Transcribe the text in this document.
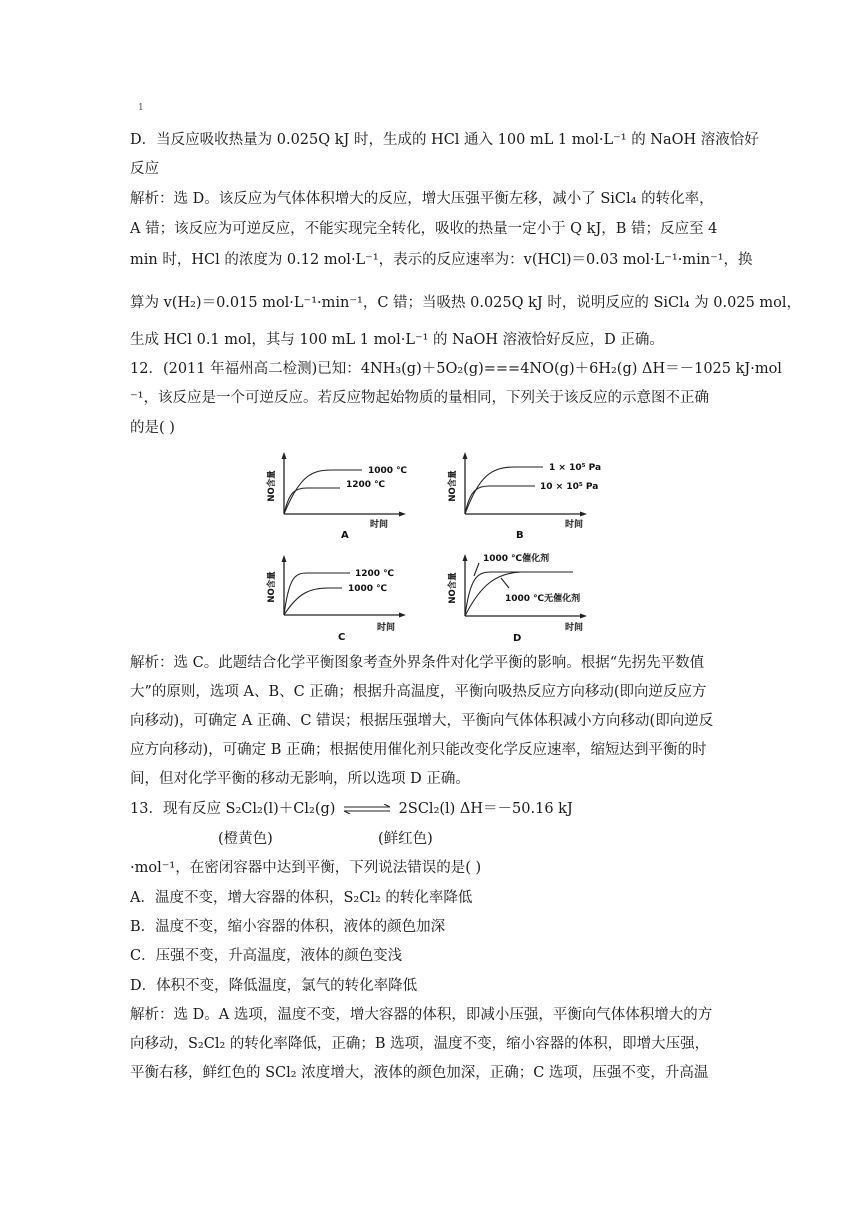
1
D．当反应吸收热量为 0.025Q kJ 时，生成的 HCl 通入 100 mL 1 mol·L⁻¹ 的 NaOH 溶液恰好
反应
解析：选 D。该反应为气体体积增大的反应，增大压强平衡左移，减小了 SiCl₄ 的转化率，
A 错；该反应为可逆反应，不能实现完全转化，吸收的热量一定小于 Q kJ，B 错；反应至 4
min 时，HCl 的浓度为 0.12 mol·L⁻¹，表示的反应速率为：v(HCl)＝0.03 mol·L⁻¹·min⁻¹，换
算为 v(H₂)＝0.015 mol·L⁻¹·min⁻¹，C 错；当吸热 0.025Q kJ 时，说明反应的 SiCl₄ 为 0.025 mol，
生成 HCl 0.1 mol，其与 100 mL 1 mol·L⁻¹ 的 NaOH 溶液恰好反应，D 正确。
12．(2011 年福州高二检测)已知：4NH₃(g)＋5O₂(g)===4NO(g)＋6H₂(g) ΔH＝－1025 kJ·mol
⁻¹，该反应是一个可逆反应。若反应物起始物质的量相同，下列关于该反应的示意图不正确
的是( )
NO含量	1000 ℃
1200 ℃
时间
A
NO含量
1 × 10⁵ Pa
10 × 10⁵ Pa
时间
B
NO含量	1200 ℃
1000 ℃
时间
C
NO含量
1000 ℃催化剂
1000 ℃无催化剂
时间
D
解析：选 C。此题结合化学平衡图象考查外界条件对化学平衡的影响。根据“先拐先平数值
大”的原则，选项 A、B、C 正确；根据升高温度，平衡向吸热反应方向移动(即向逆反应方
向移动)，可确定 A 正确、C 错误；根据压强增大，平衡向气体体积减小方向移动(即向逆反
应方向移动)，可确定 B 正确；根据使用催化剂只能改变化学反应速率，缩短达到平衡的时
间，但对化学平衡的移动无影响，所以选项 D 正确。
13．现有反应 S₂Cl₂(l)＋Cl₂(g) ⇌ 2SCl₂(l) ΔH＝－50.16 kJ
(橙黄色)	(鲜红色)
·mol⁻¹，在密闭容器中达到平衡，下列说法错误的是( )
A．温度不变，增大容器的体积，S₂Cl₂ 的转化率降低
B．温度不变，缩小容器的体积，液体的颜色加深
C．压强不变，升高温度，液体的颜色变浅
D．体积不变，降低温度，氯气的转化率降低
解析：选 D。A 选项，温度不变，增大容器的体积，即减小压强，平衡向气体体积增大的方
向移动，S₂Cl₂ 的转化率降低，正确；B 选项，温度不变，缩小容器的体积，即增大压强，
平衡右移，鲜红色的 SCl₂ 浓度增大，液体的颜色加深，正确；C 选项，压强不变，升高温
